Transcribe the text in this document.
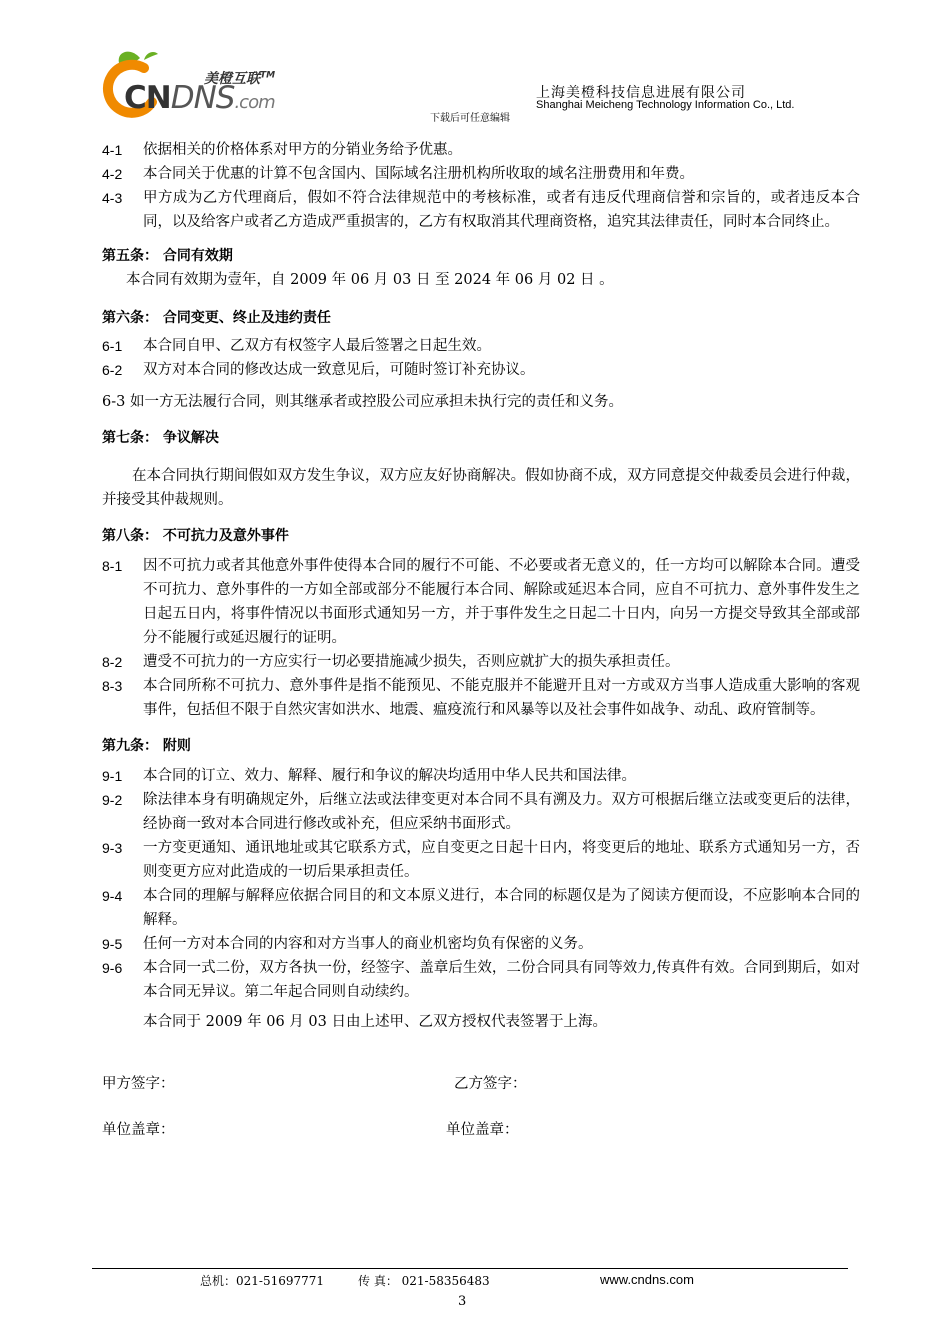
美橙互联™
CNDNS.com	上海美橙科技信息进展有限公司
Shanghai Meicheng Technology Information Co., Ltd.
下载后可任意编辑
4-1	依据相关的价格体系对甲方的分销业务给予优惠。
4-2	本合同关于优惠的计算不包含国内、国际域名注册机构所收取的域名注册费用和年费。
4-3	甲方成为乙方代理商后，假如不符合法律规范中的考核标准，或者有违反代理商信誉和宗旨的，或者违反本合同，以及给客户或者乙方造成严重损害的，乙方有权取消其代理商资格，追究其法律责任，同时本合同终止。
第五条： 合同有效期
本合同有效期为壹年，自 2009 年 06 月 03 日 至 2024 年 06 月 02 日 。
第六条： 合同变更、终止及违约责任
6-1	本合同自甲、乙双方有权签字人最后签署之日起生效。
6-2	双方对本合同的修改达成一致意见后，可随时签订补充协议。
6-3 如一方无法履行合同，则其继承者或控股公司应承担未执行完的责任和义务。
第七条： 争议解决
在本合同执行期间假如双方发生争议，双方应友好协商解决。假如协商不成，双方同意提交仲裁委员会进行仲裁，并接受其仲裁规则。
第八条： 不可抗力及意外事件
8-1	因不可抗力或者其他意外事件使得本合同的履行不可能、不必要或者无意义的，任一方均可以解除本合同。遭受不可抗力、意外事件的一方如全部或部分不能履行本合同、解除或延迟本合同，应自不可抗力、意外事件发生之日起五日内，将事件情况以书面形式通知另一方，并于事件发生之日起二十日内，向另一方提交导致其全部或部分不能履行或延迟履行的证明。
8-2	遭受不可抗力的一方应实行一切必要措施减少损失，否则应就扩大的损失承担责任。
8-3	本合同所称不可抗力、意外事件是指不能预见、不能克服并不能避开且对一方或双方当事人造成重大影响的客观事件，包括但不限于自然灾害如洪水、地震、瘟疫流行和风暴等以及社会事件如战争、动乱、政府管制等。
第九条： 附则
9-1	本合同的订立、效力、解释、履行和争议的解决均适用中华人民共和国法律。
9-2	除法律本身有明确规定外，后继立法或法律变更对本合同不具有溯及力。双方可根据后继立法或变更后的法律，经协商一致对本合同进行修改或补充，但应采纳书面形式。
9-3	一方变更通知、通讯地址或其它联系方式，应自变更之日起十日内，将变更后的地址、联系方式通知另一方，否则变更方应对此造成的一切后果承担责任。
9-4	本合同的理解与解释应依据合同目的和文本原义进行，本合同的标题仅是为了阅读方便而设，不应影响本合同的解释。
9-5	任何一方对本合同的内容和对方当事人的商业机密均负有保密的义务。
9-6	本合同一式二份，双方各执一份，经签字、盖章后生效，二份合同具有同等效力,传真件有效。合同到期后，如对本合同无异议。第二年起合同则自动续约。
本合同于 2009 年 06 月 03 日由上述甲、乙双方授权代表签署于上海。
甲方签字：	乙方签字：
单位盖章：	单位盖章：
总机：021-51697771	传 真： 021-58356483	www.cndns.com
3
